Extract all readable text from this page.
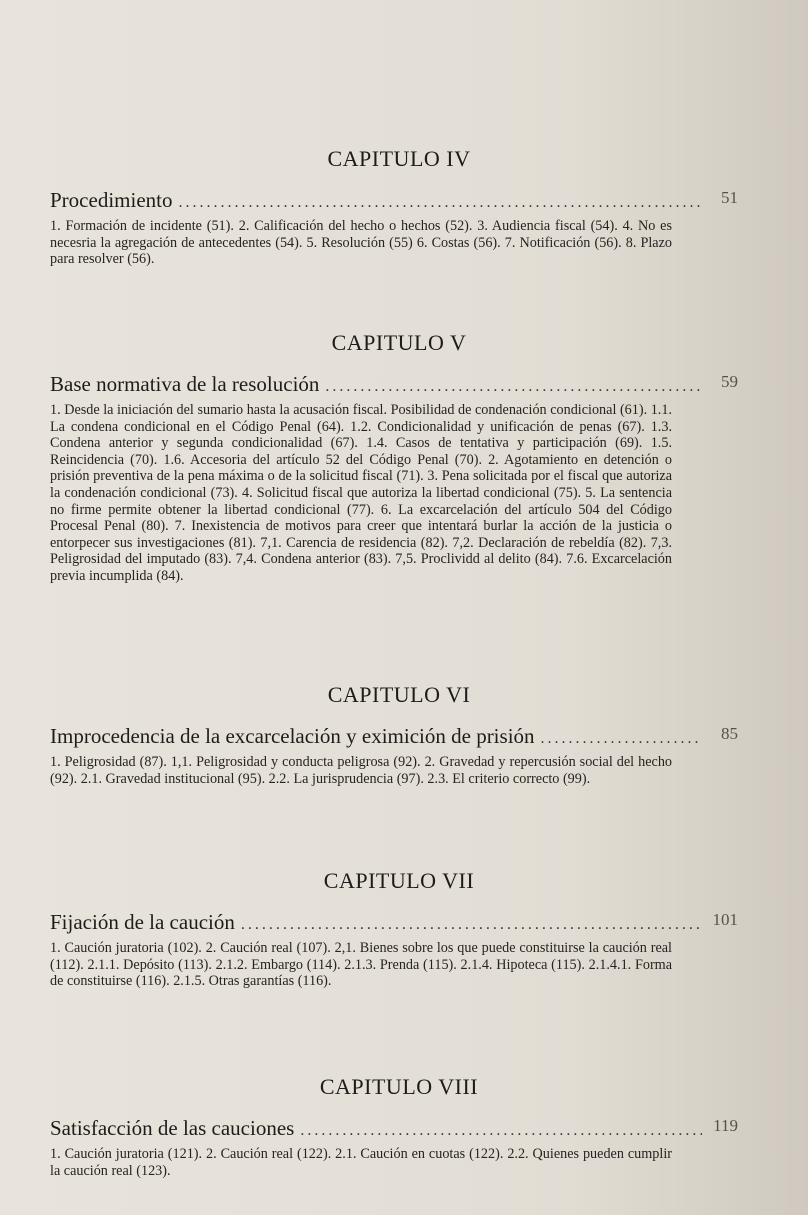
CAPITULO IV
Procedimiento .....	51

1. Formación de incidente (51). 2. Calificación del hecho o hechos (52). 3. Audiencia fiscal (54). 4. No es necesria la agregación de antecedentes (54). 5. Resolución (55) 6. Costas (56). 7. Notificación (56). 8. Plazo para resolver (56).

CAPITULO V
Base normativa de la resolución .....	59

1. Desde la iniciación del sumario hasta la acusación fiscal. Posibilidad de condenación condicional (61). 1.1. La condena condicional en el Código Penal (64). 1.2. Condicionalidad y unificación de penas (67). 1.3. Condena anterior y segunda condicionalidad (67). 1.4. Casos de tentativa y participación (69). 1.5. Reincidencia (70). 1.6. Accesoria del artículo 52 del Código Penal (70). 2. Agotamiento en detención o prisión preventiva de la pena máxima o de la solicitud fiscal (71). 3. Pena solicitada por el fiscal que autoriza la condenación condicional (73). 4. Solicitud fiscal que autoriza la libertad condicional (75). 5. La sentencia no firme permite obtener la libertad condicional (77). 6. La excarcelación del artículo 504 del Código Procesal Penal (80). 7. Inexistencia de motivos para creer que intentará burlar la acción de la justicia o entorpecer sus investigaciones (81). 7,1. Carencia de residencia (82). 7,2. Declaración de rebeldía (82). 7,3. Peligrosidad del imputado (83). 7,4. Condena anterior (83). 7,5. Proclividd al delito (84). 7.6. Excarcelación previa incumplida (84).

CAPITULO VI
Improcedencia de la excarcelación y eximición de prisión .....	85

1. Peligrosidad (87). 1,1. Peligrosidad y conducta peligrosa (92). 2. Gravedad y repercusión social del hecho (92). 2.1. Gravedad institucional (95). 2.2. La jurisprudencia (97). 2.3. El criterio correcto (99).

CAPITULO VII
Fijación de la caución .....	101

1. Caución juratoria (102). 2. Caución real (107). 2,1. Bienes sobre los que puede constituirse la caución real (112). 2.1.1. Depósito (113). 2.1.2. Embargo (114). 2.1.3. Prenda (115). 2.1.4. Hipoteca (115). 2.1.4.1. Forma de constituirse (116). 2.1.5. Otras garantías (116).

CAPITULO VIII
Satisfacción de las cauciones .....	119

1. Caución juratoria (121). 2. Caución real (122). 2.1. Caución en cuotas (122). 2.2. Quienes pueden cumplir la caución real (123).
